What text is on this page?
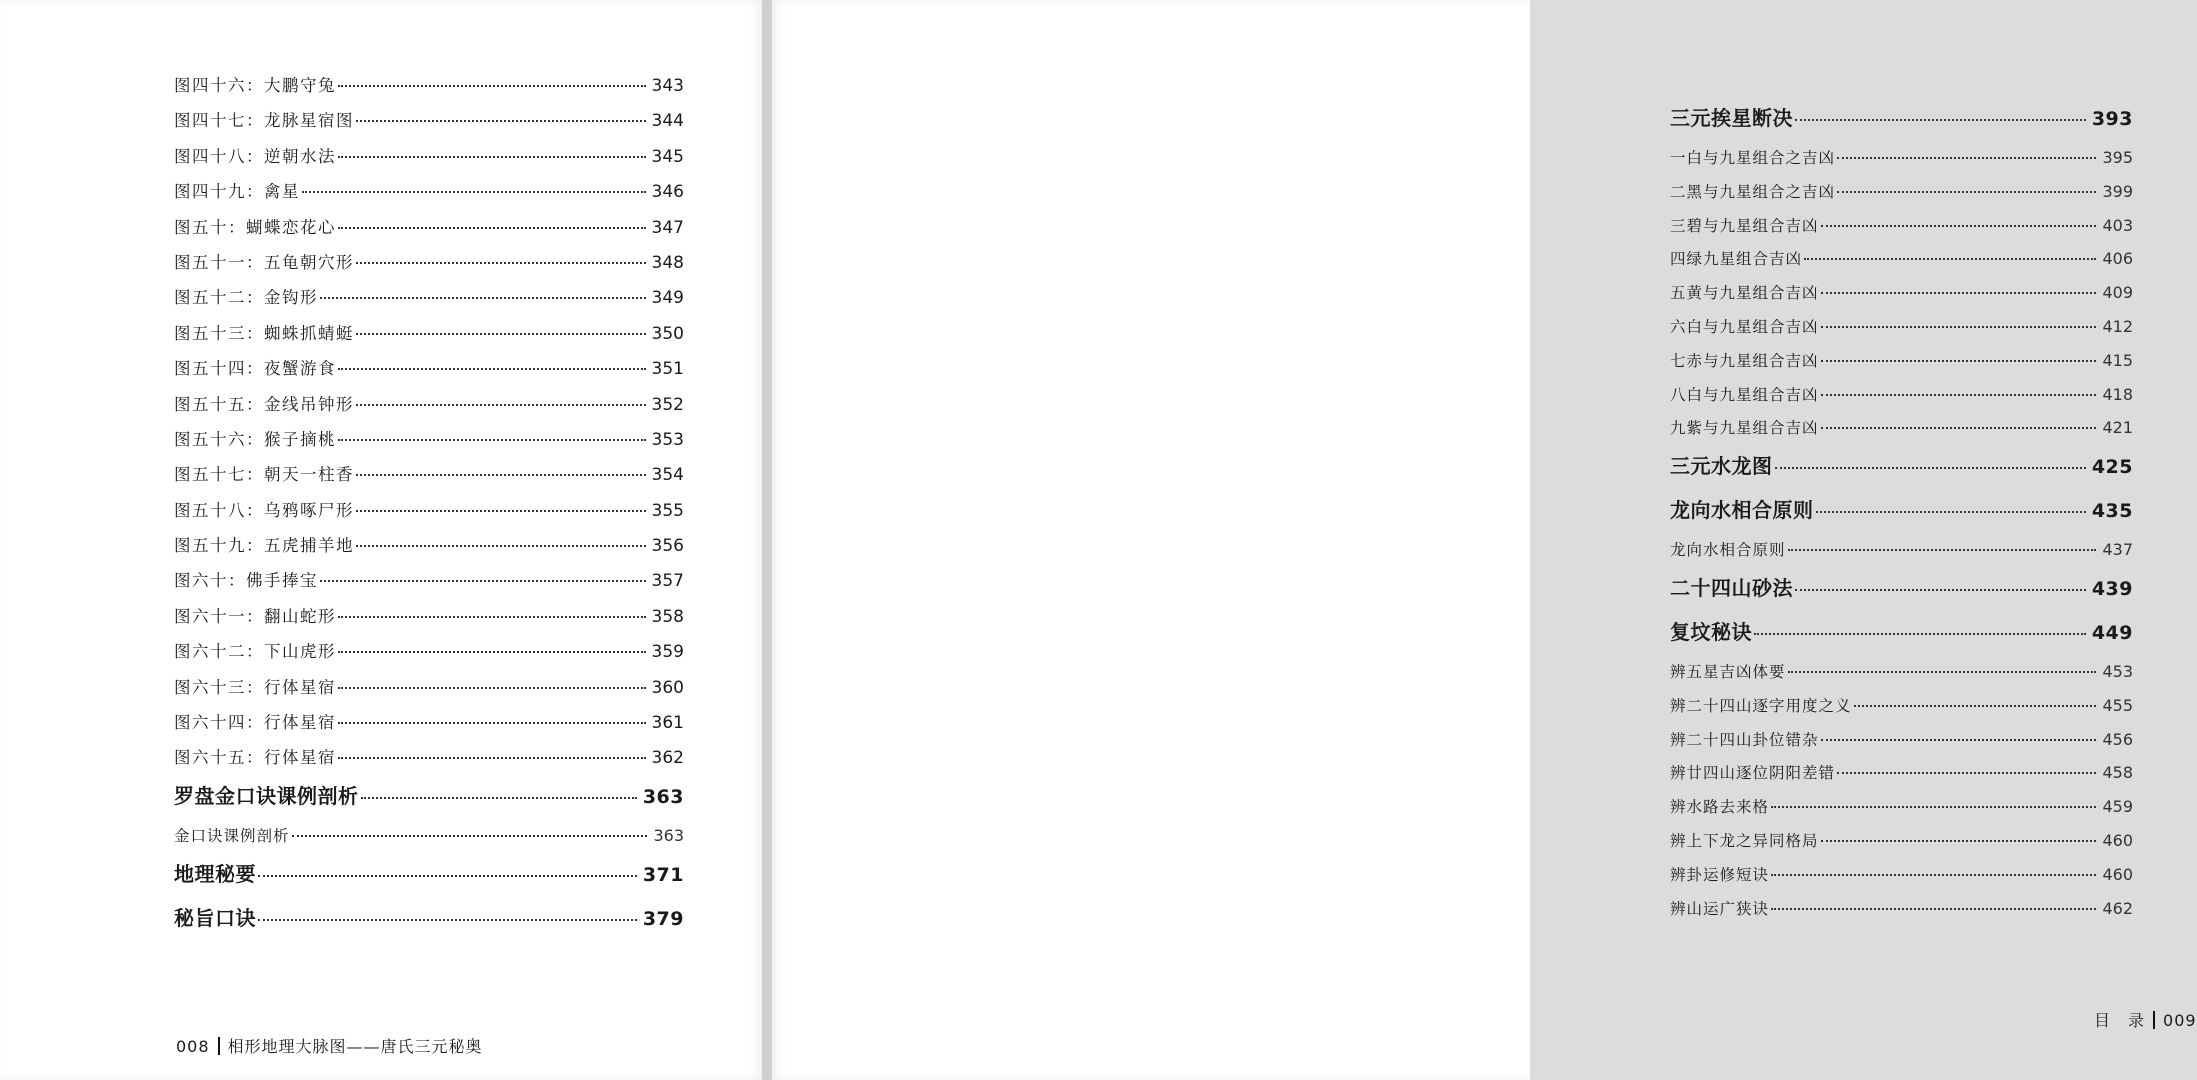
图四十六：大鹏守兔	343
图四十七：龙脉星宿图	344
图四十八：逆朝水法	345
图四十九：禽星	346
图五十：蝴蝶恋花心	347
图五十一：五龟朝穴形	348
图五十二：金钩形	349
图五十三：蜘蛛抓蜻蜓	350
图五十四：夜蟹游食	351
图五十五：金线吊钟形	352
图五十六：猴子摘桃	353
图五十七：朝天一柱香	354
图五十八：乌鸦啄尸形	355
图五十九：五虎捕羊地	356
图六十：佛手捧宝	357
图六十一：翻山蛇形	358
图六十二：下山虎形	359
图六十三：行体星宿	360
图六十四：行体星宿	361
图六十五：行体星宿	362
罗盘金口诀课例剖析	363
金口诀课例剖析	363
地理秘要	371
秘旨口诀	379
008 相形地理大脉图——唐氏三元秘奥
三元挨星断决	393
一白与九星组合之吉凶	395
二黑与九星组合之吉凶	399
三碧与九星组合吉凶	403
四绿九星组合吉凶	406
五黄与九星组合吉凶	409
六白与九星组合吉凶	412
七赤与九星组合吉凶	415
八白与九星组合吉凶	418
九紫与九星组合吉凶	421
三元水龙图	425
龙向水相合原则	435
龙向水相合原则	437
二十四山砂法	439
复坟秘诀	449
辨五星吉凶体要	453
辨二十四山逐字用度之义	455
辨二十四山卦位错杂	456
辨廿四山逐位阴阳差错	458
辨水路去来格	459
辨上下龙之异同格局	460
辨卦运修短诀	460
辨山运广狭诀	462
目　录 009
